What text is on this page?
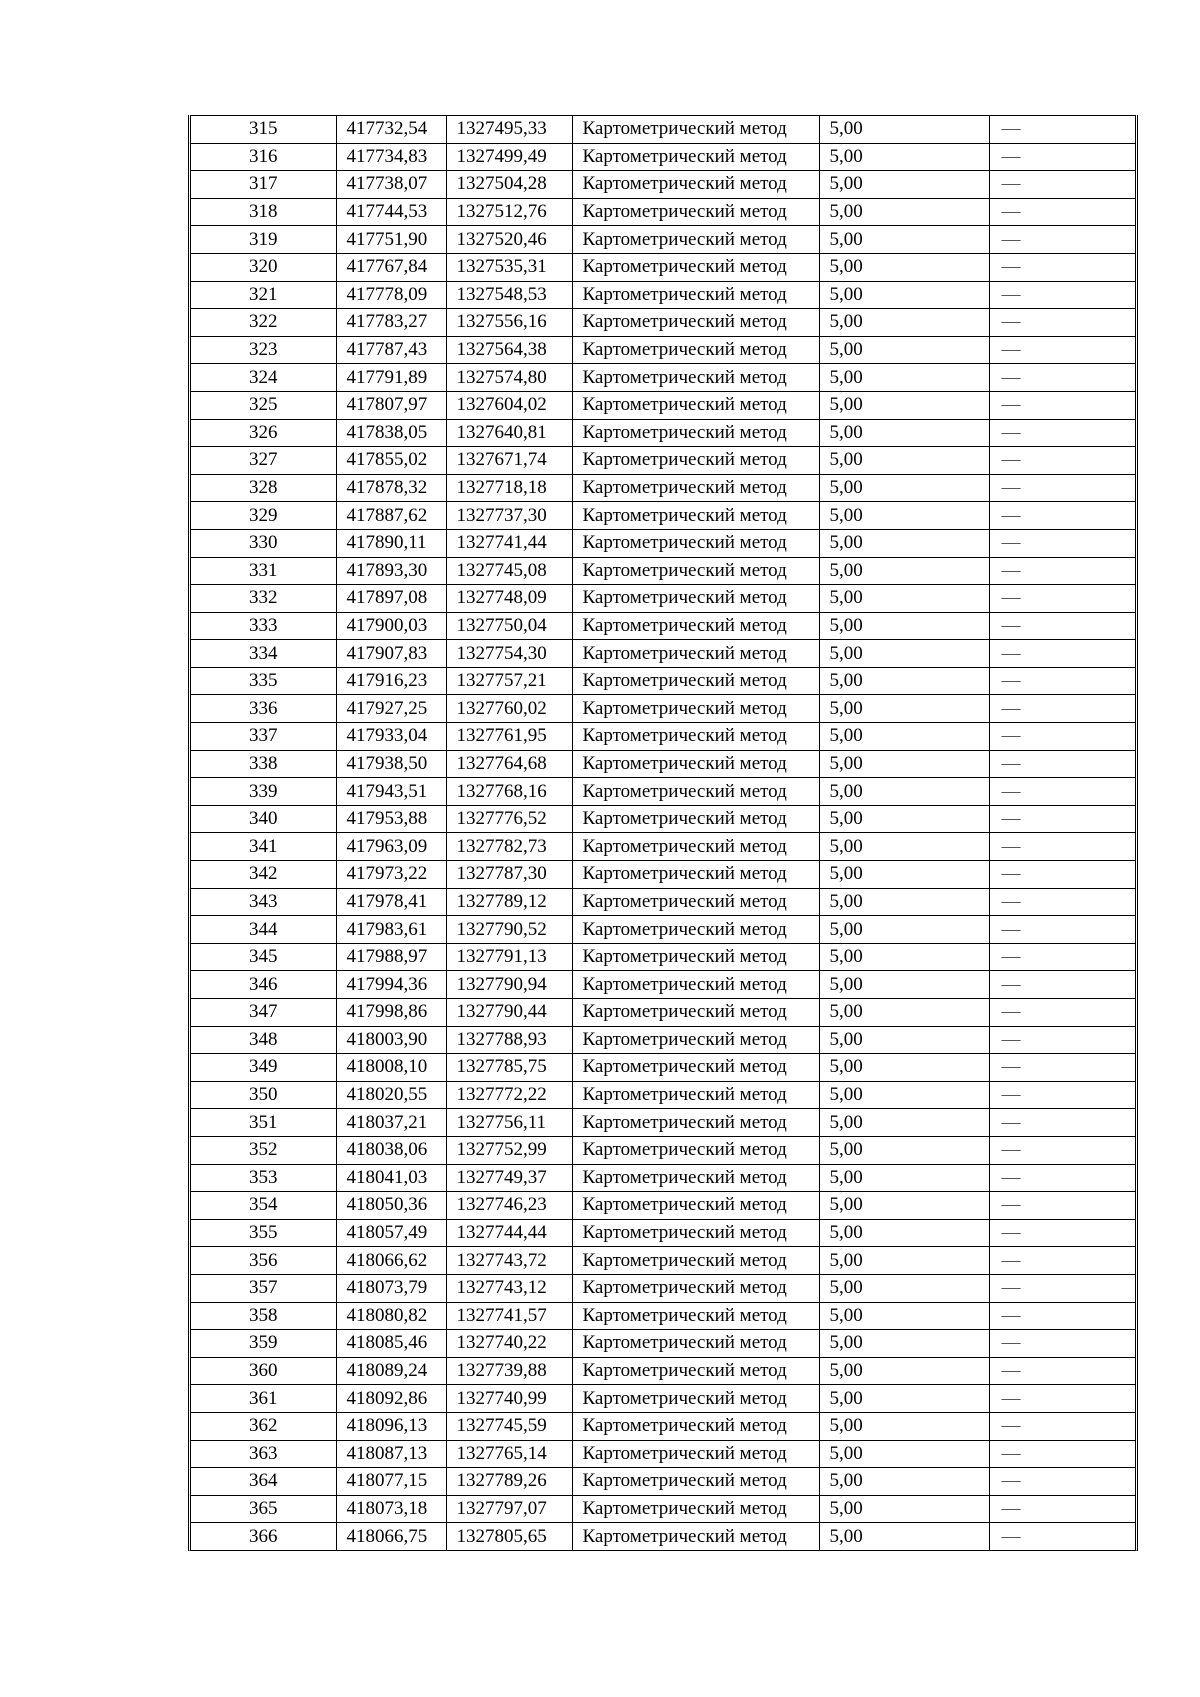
315	417732,54	1327495,33	Картометрический метод	5,00	—
316	417734,83	1327499,49	Картометрический метод	5,00	—
317	417738,07	1327504,28	Картометрический метод	5,00	—
318	417744,53	1327512,76	Картометрический метод	5,00	—
319	417751,90	1327520,46	Картометрический метод	5,00	—
320	417767,84	1327535,31	Картометрический метод	5,00	—
321	417778,09	1327548,53	Картометрический метод	5,00	—
322	417783,27	1327556,16	Картометрический метод	5,00	—
323	417787,43	1327564,38	Картометрический метод	5,00	—
324	417791,89	1327574,80	Картометрический метод	5,00	—
325	417807,97	1327604,02	Картометрический метод	5,00	—
326	417838,05	1327640,81	Картометрический метод	5,00	—
327	417855,02	1327671,74	Картометрический метод	5,00	—
328	417878,32	1327718,18	Картометрический метод	5,00	—
329	417887,62	1327737,30	Картометрический метод	5,00	—
330	417890,11	1327741,44	Картометрический метод	5,00	—
331	417893,30	1327745,08	Картометрический метод	5,00	—
332	417897,08	1327748,09	Картометрический метод	5,00	—
333	417900,03	1327750,04	Картометрический метод	5,00	—
334	417907,83	1327754,30	Картометрический метод	5,00	—
335	417916,23	1327757,21	Картометрический метод	5,00	—
336	417927,25	1327760,02	Картометрический метод	5,00	—
337	417933,04	1327761,95	Картометрический метод	5,00	—
338	417938,50	1327764,68	Картометрический метод	5,00	—
339	417943,51	1327768,16	Картометрический метод	5,00	—
340	417953,88	1327776,52	Картометрический метод	5,00	—
341	417963,09	1327782,73	Картометрический метод	5,00	—
342	417973,22	1327787,30	Картометрический метод	5,00	—
343	417978,41	1327789,12	Картометрический метод	5,00	—
344	417983,61	1327790,52	Картометрический метод	5,00	—
345	417988,97	1327791,13	Картометрический метод	5,00	—
346	417994,36	1327790,94	Картометрический метод	5,00	—
347	417998,86	1327790,44	Картометрический метод	5,00	—
348	418003,90	1327788,93	Картометрический метод	5,00	—
349	418008,10	1327785,75	Картометрический метод	5,00	—
350	418020,55	1327772,22	Картометрический метод	5,00	—
351	418037,21	1327756,11	Картометрический метод	5,00	—
352	418038,06	1327752,99	Картометрический метод	5,00	—
353	418041,03	1327749,37	Картометрический метод	5,00	—
354	418050,36	1327746,23	Картометрический метод	5,00	—
355	418057,49	1327744,44	Картометрический метод	5,00	—
356	418066,62	1327743,72	Картометрический метод	5,00	—
357	418073,79	1327743,12	Картометрический метод	5,00	—
358	418080,82	1327741,57	Картометрический метод	5,00	—
359	418085,46	1327740,22	Картометрический метод	5,00	—
360	418089,24	1327739,88	Картометрический метод	5,00	—
361	418092,86	1327740,99	Картометрический метод	5,00	—
362	418096,13	1327745,59	Картометрический метод	5,00	—
363	418087,13	1327765,14	Картометрический метод	5,00	—
364	418077,15	1327789,26	Картометрический метод	5,00	—
365	418073,18	1327797,07	Картометрический метод	5,00	—
366	418066,75	1327805,65	Картометрический метод	5,00	—
